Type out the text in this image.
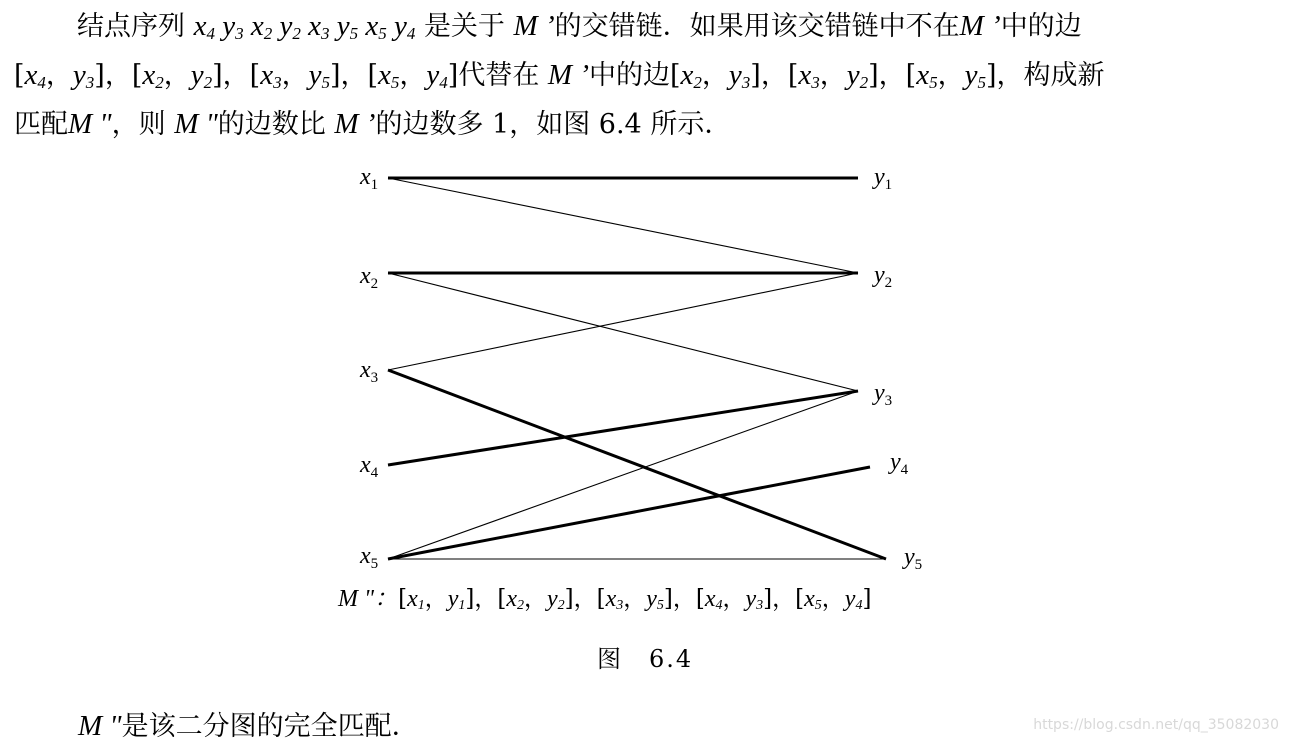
结点序列 $x_4$ $y_3$ $x_2$ $y_2$ $x_3$ $y_5$ $x_5$ $y_4$ 是关于 M ’的交错链．如果用该交错链中不在M ’中的边
[$x_4$，$y_3$]，[$x_2$，$y_2$]，[$x_3$，$y_5$]，[$x_5$，$y_4$]代替在 M ’中的边[$x_2$，$y_3$]，[$x_3$，$y_2$]，[$x_5$，$y_5$]，构成新
匹配M "，则 M "的边数比 M ’的边数多 1，如图 6.4 所示．
$x_1$
$x_2$
$x_3$
$x_4$
$x_5$
$y_1$
$y_2$
$y_3$
$y_4$
$y_5$
M "：[$x_1$，$y_1$]，[$x_2$，$y_2$]，[$x_3$，$y_5$]，[$x_4$，$y_3$]，[$x_5$，$y_4$]
图　6.4
M "是该二分图的完全匹配．	https://blog.csdn.net/qq_35082030
